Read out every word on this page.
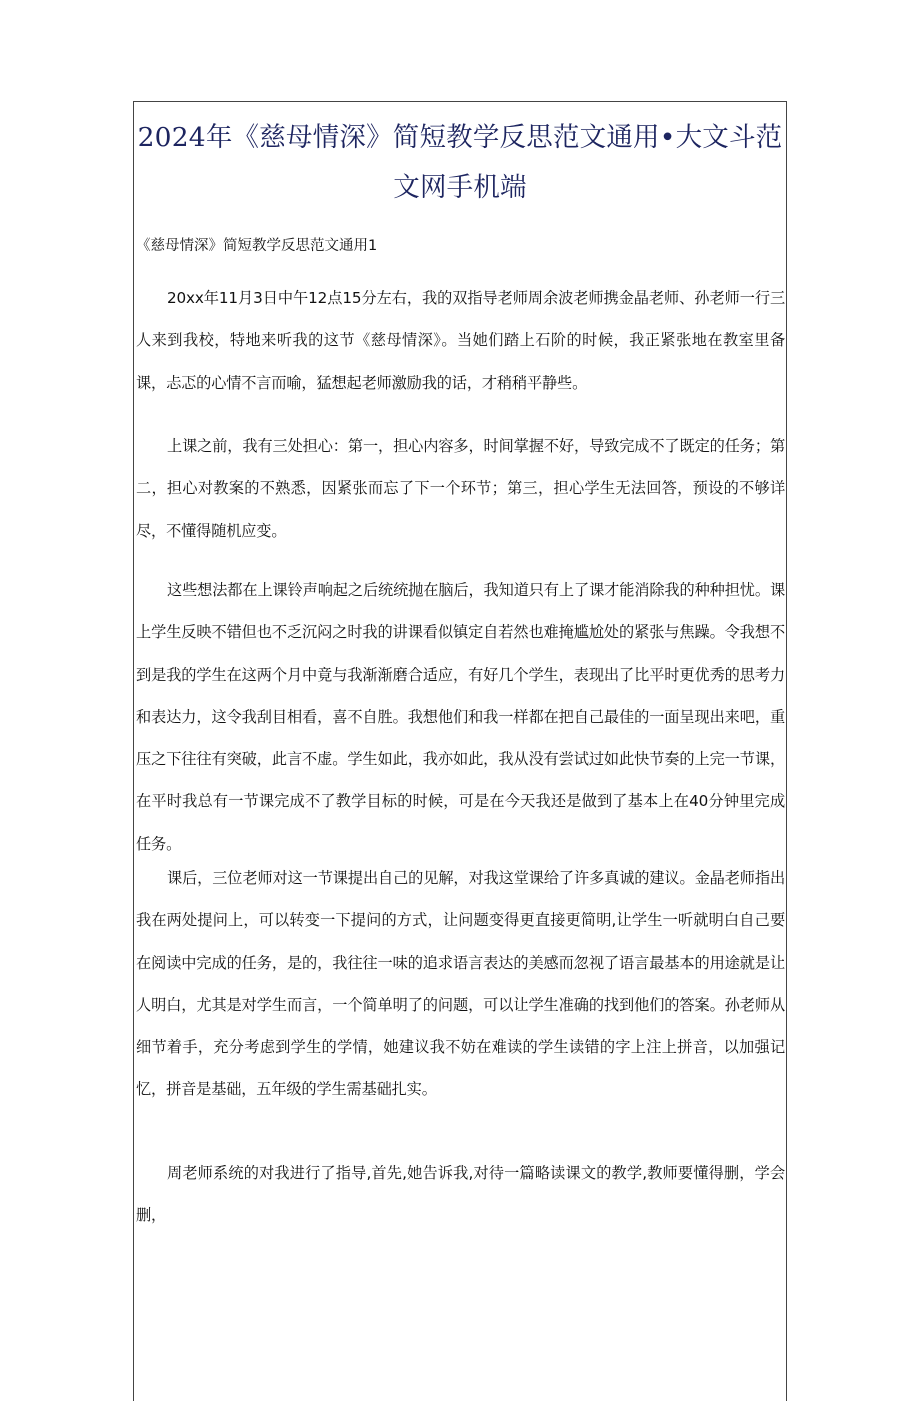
2024年《慈母情深》简短教学反思范文通用•大文斗范文网手机端

《慈母情深》简短教学反思范文通用1

20xx年11月3日中午12点15分左右，我的双指导老师周余波老师携金晶老师、孙老师一行三人来到我校，特地来听我的这节《慈母情深》。当她们踏上石阶的时候，我正紧张地在教室里备课，忐忑的心情不言而喻，猛想起老师激励我的话，才稍稍平静些。

上课之前，我有三处担心：第一，担心内容多，时间掌握不好，导致完成不了既定的任务；第二，担心对教案的不熟悉，因紧张而忘了下一个环节；第三，担心学生无法回答，预设的不够详尽，不懂得随机应变。

这些想法都在上课铃声响起之后统统抛在脑后，我知道只有上了课才能消除我的种种担忧。课上学生反映不错但也不乏沉闷之时我的讲课看似镇定自若然也难掩尴尬处的紧张与焦躁。令我想不到是我的学生在这两个月中竟与我渐渐磨合适应，有好几个学生，表现出了比平时更优秀的思考力和表达力，这令我刮目相看，喜不自胜。我想他们和我一样都在把自己最佳的一面呈现出来吧，重压之下往往有突破，此言不虚。学生如此，我亦如此，我从没有尝试过如此快节奏的上完一节课，在平时我总有一节课完成不了教学目标的时候，可是在今天我还是做到了基本上在40分钟里完成任务。

课后，三位老师对这一节课提出自己的见解，对我这堂课给了许多真诚的建议。金晶老师指出我在两处提问上，可以转变一下提问的方式，让问题变得更直接更简明,让学生一听就明白自己要在阅读中完成的任务，是的，我往往一味的追求语言表达的美感而忽视了语言最基本的用途就是让人明白，尤其是对学生而言，一个简单明了的问题，可以让学生准确的找到他们的答案。孙老师从细节着手，充分考虑到学生的学情，她建议我不妨在难读的学生读错的字上注上拼音，以加强记忆，拼音是基础，五年级的学生需基础扎实。

周老师系统的对我进行了指导,首先,她告诉我,对待一篇略读课文的教学,教师要懂得删，学会删，
